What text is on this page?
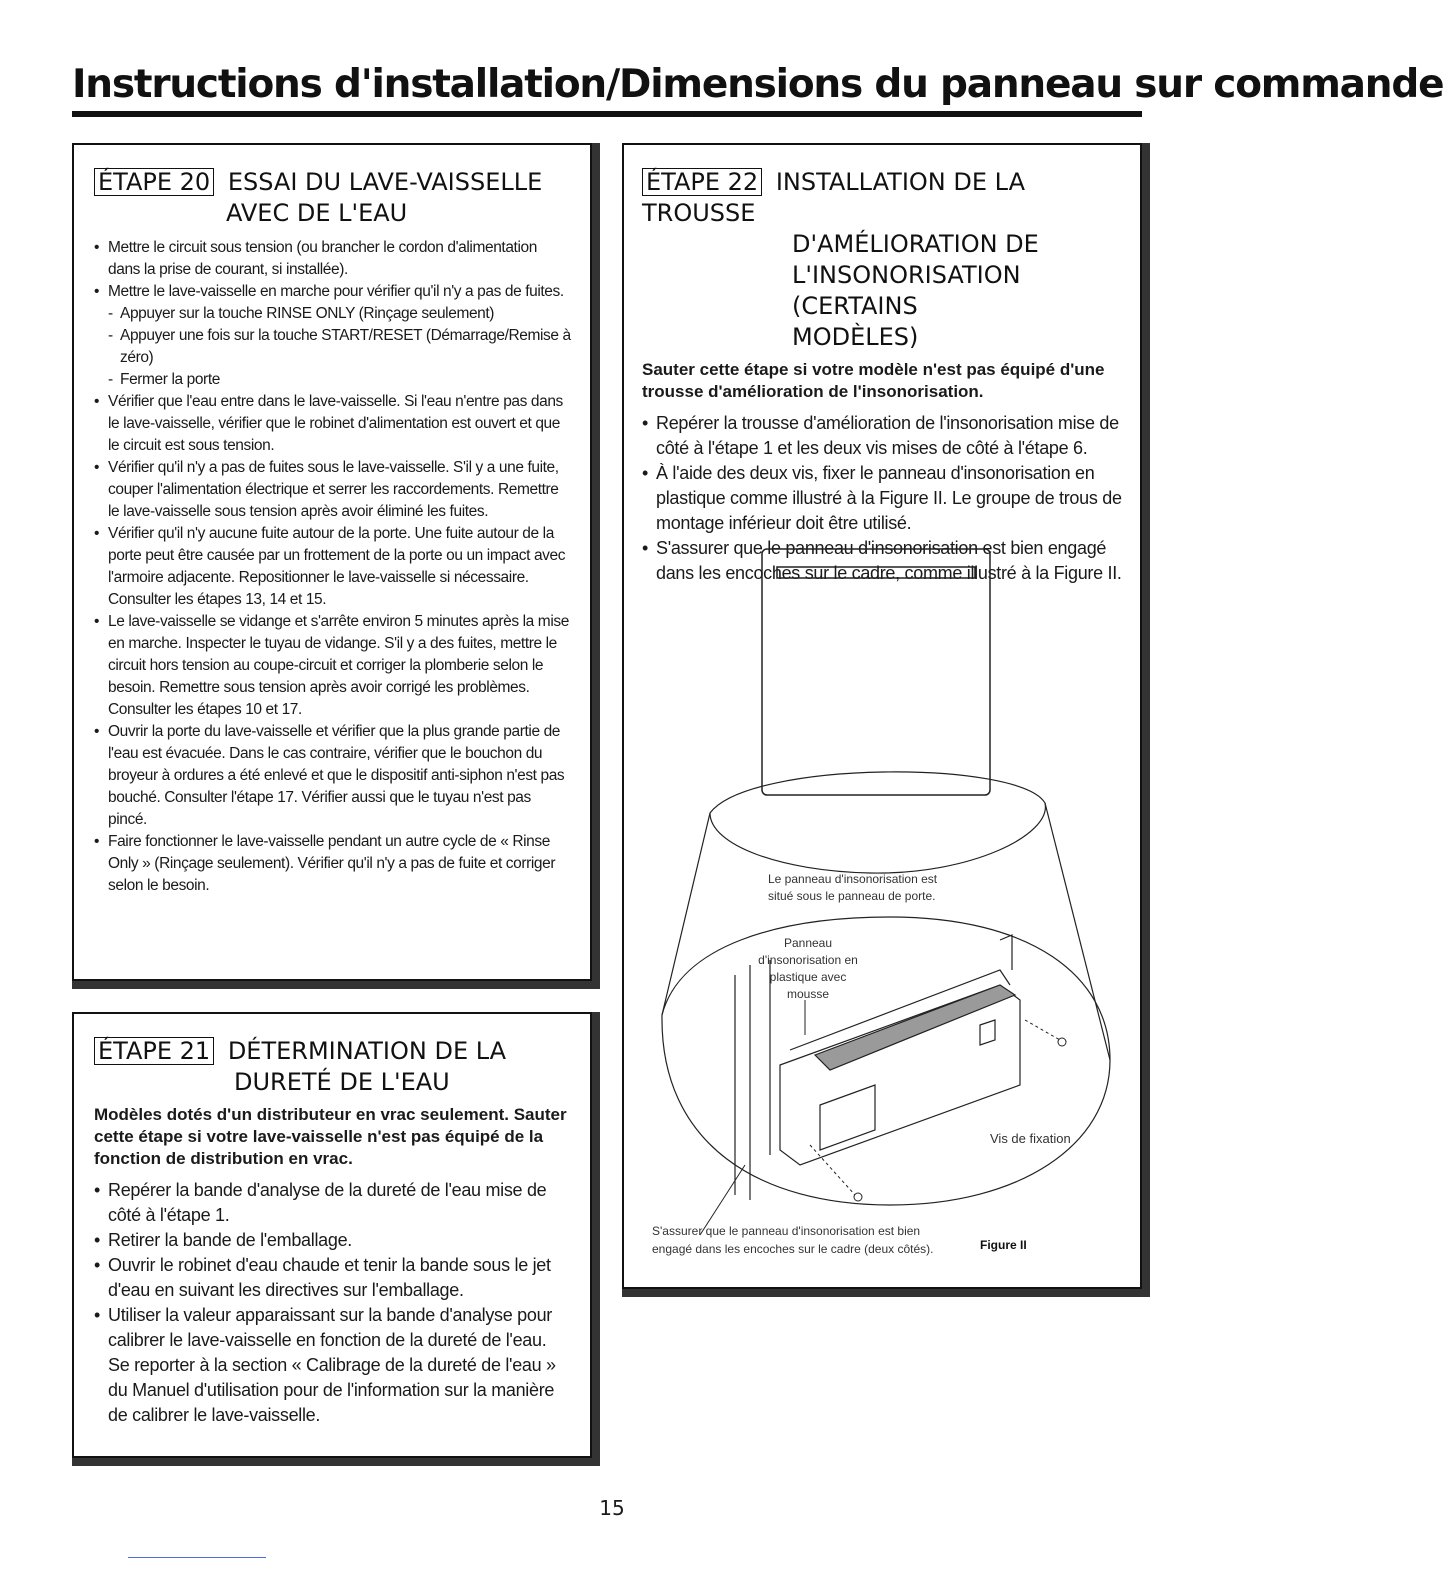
Instructions d'installation/Dimensions du panneau sur commande
ÉTAPE 20 ESSAI DU LAVE-VAISSELLE
AVEC DE L'EAU
• Mettre le circuit sous tension (ou brancher le cordon d'alimentation dans la prise de courant, si installée).
• Mettre le lave-vaisselle en marche pour vérifier qu'il n'y a pas de fuites.
- Appuyer sur la touche RINSE ONLY (Rinçage seulement)
- Appuyer une fois sur la touche START/RESET (Démarrage/Remise à zéro)
- Fermer la porte
• Vérifier que l'eau entre dans le lave-vaisselle. Si l'eau n'entre pas dans le lave-vaisselle, vérifier que le robinet d'alimentation est ouvert et que le circuit est sous tension.
• Vérifier qu'il n'y a pas de fuites sous le lave-vaisselle. S'il y a une fuite, couper l'alimentation électrique et serrer les raccordements. Remettre le lave-vaisselle sous tension après avoir éliminé les fuites.
• Vérifier qu'il n'y aucune fuite autour de la porte. Une fuite autour de la porte peut être causée par un frottement de la porte ou un impact avec l'armoire adjacente. Repositionner le lave-vaisselle si nécessaire. Consulter les étapes 13, 14 et 15.
• Le lave-vaisselle se vidange et s'arrête environ 5 minutes après la mise en marche. Inspecter le tuyau de vidange. S'il y a des fuites, mettre le circuit hors tension au coupe-circuit et corriger la plomberie selon le besoin. Remettre sous tension après avoir corrigé les problèmes. Consulter les étapes 10 et 17.
• Ouvrir la porte du lave-vaisselle et vérifier que la plus grande partie de l'eau est évacuée. Dans le cas contraire, vérifier que le bouchon du broyeur à ordures a été enlevé et que le dispositif anti-siphon n'est pas bouché. Consulter l'étape 17. Vérifier aussi que le tuyau n'est pas pincé.
• Faire fonctionner le lave-vaisselle pendant un autre cycle de « Rinse Only » (Rinçage seulement). Vérifier qu'il n'y a pas de fuite et corriger selon le besoin.
ÉTAPE 21 DÉTERMINATION DE LA
DURETÉ DE L'EAU
Modèles dotés d'un distributeur en vrac seulement. Sauter cette étape si votre lave-vaisselle n'est pas équipé de la fonction de distribution en vrac.
• Repérer la bande d'analyse de la dureté de l'eau mise de côté à l'étape 1.
• Retirer la bande de l'emballage.
• Ouvrir le robinet d'eau chaude et tenir la bande sous le jet d'eau en suivant les directives sur l'emballage.
• Utiliser la valeur apparaissant sur la bande d'analyse pour calibrer le lave-vaisselle en fonction de la dureté de l'eau. Se reporter à la section « Calibrage de la dureté de l'eau » du Manuel d'utilisation pour de l'information sur la manière de calibrer le lave-vaisselle.
ÉTAPE 22 INSTALLATION DE LA TROUSSE
D'AMÉLIORATION DE
L'INSONORISATION (CERTAINS
MODÈLES)
Sauter cette étape si votre modèle n'est pas équipé d'une trousse d'amélioration de l'insonorisation.
• Repérer la trousse d'amélioration de l'insonorisation mise de côté à l'étape 1 et les deux vis mises de côté à l'étape 6.
• À l'aide des deux vis, fixer le panneau d'insonorisation en plastique comme illustré à la Figure II. Le groupe de trous de montage inférieur doit être utilisé.
• S'assurer que le panneau d'insonorisation est bien engagé dans les encoches sur le cadre, comme illustré à la Figure II.
Le panneau d'insonorisation est
situé sous le panneau de porte.
Panneau
d'insonorisation en
plastique avec
mousse
Vis de fixation
S'assurer que le panneau d'insonorisation est bien
engagé dans les encoches sur le cadre (deux côtés).	Figure II
15
